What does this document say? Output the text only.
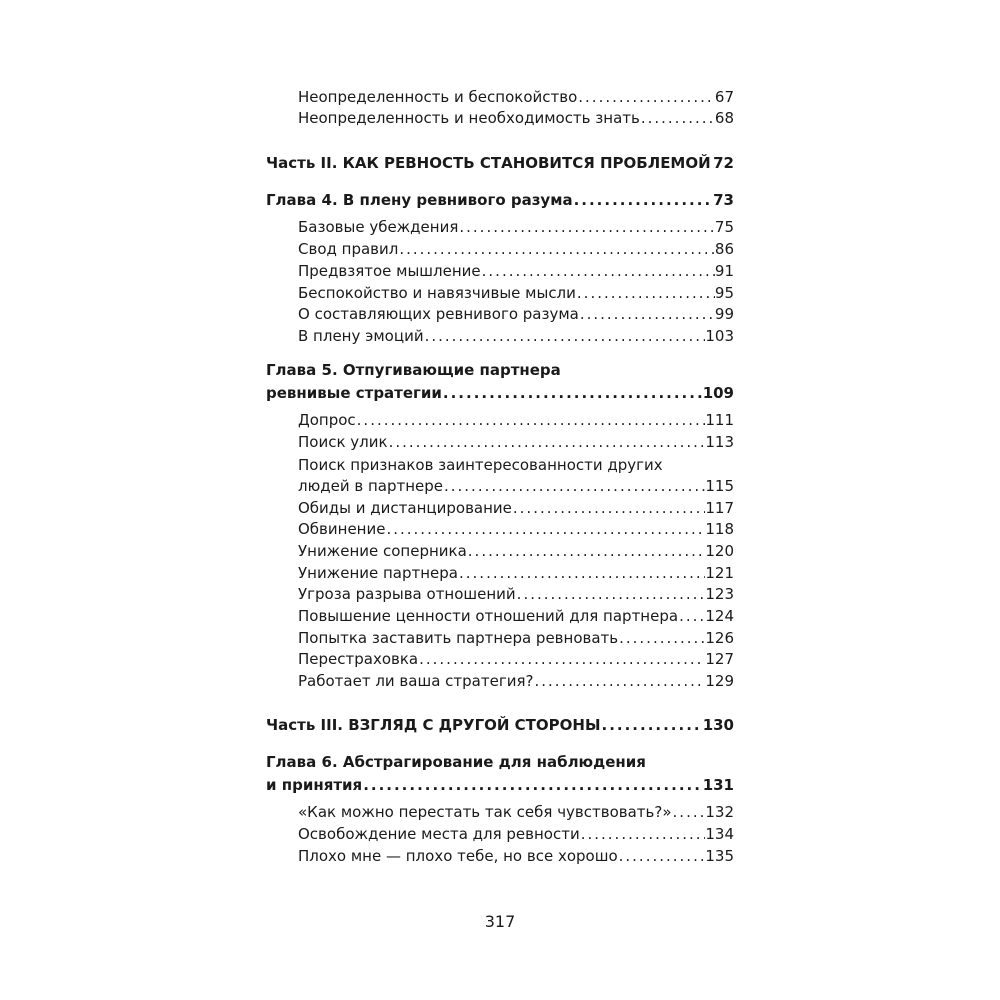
Неопределенность и беспокойство .....	67
Неопределенность и необходимость знать .....	68
Часть II. КАК РЕВНОСТЬ СТАНОВИТСЯ ПРОБЛЕМОЙ ..... 72
Глава 4. В плену ревнивого разума .....	73
Базовые убеждения .....	75
Свод правил .....	86
Предвзятое мышление .....	91
Беспокойство и навязчивые мысли .....	95
О составляющих ревнивого разума .....	99
В плену эмоций .....	103
Глава 5. Отпугивающие партнера
ревнивые стратегии .....	109
Допрос .....	111
Поиск улик .....	113
Поиск признаков заинтересованности других
людей в партнере .....	115
Обиды и дистанцирование .....	117
Обвинение .....	118
Унижение соперника .....	120
Унижение партнера .....	121
Угроза разрыва отношений .....	123
Повышение ценности отношений для партнера ..... 124
Попытка заставить партнера ревновать .....	126
Перестраховка .....	127
Работает ли ваша стратегия? .....	129
Часть III. ВЗГЛЯД С ДРУГОЙ СТОРОНЫ .....	130
Глава 6. Абстрагирование для наблюдения
и принятия .....	131
«Как можно перестать так себя чувствовать?» ..... 132
Освобождение места для ревности .....	134
Плохо мне — плохо тебе, но все хорошо .....	135
317
